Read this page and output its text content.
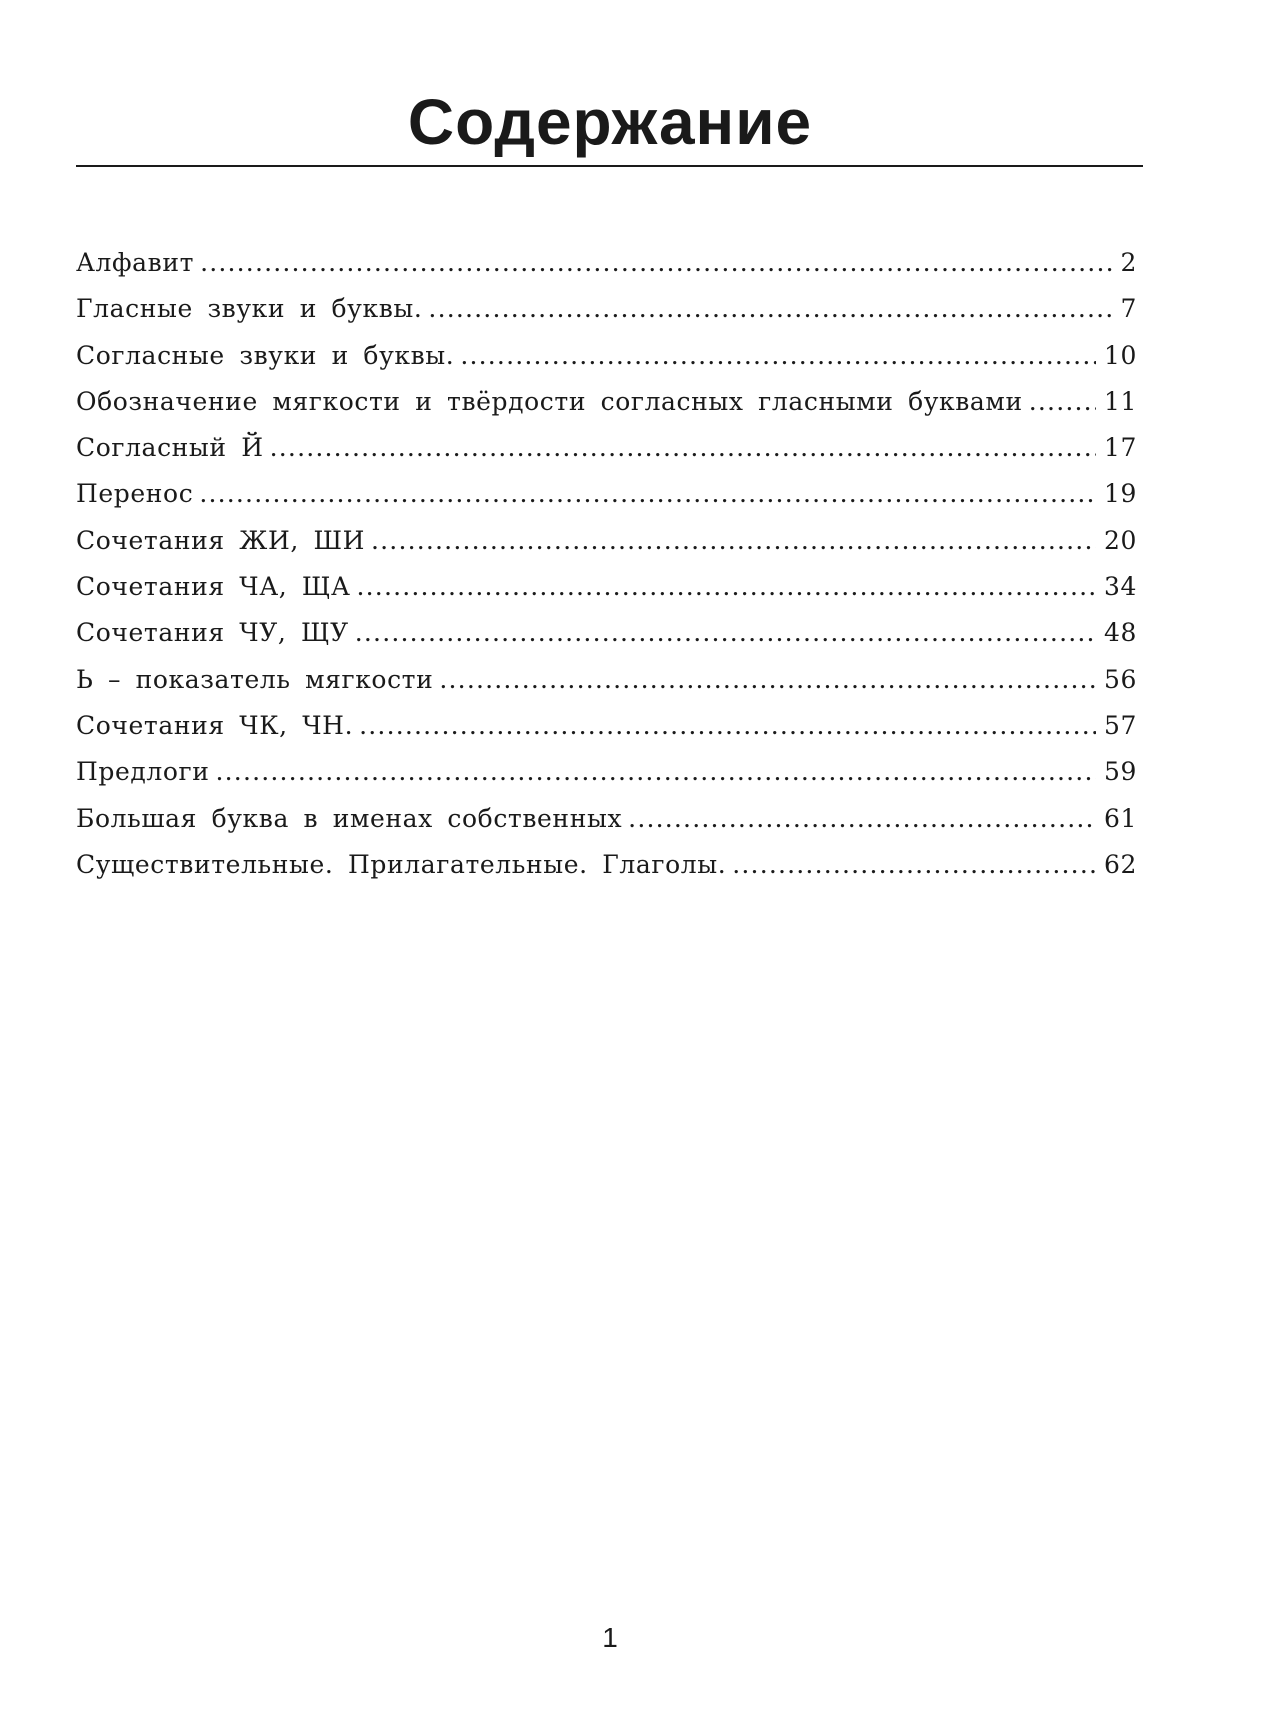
Содержание
Алфавит .....	2
Гласные звуки и буквы. .....	7
Согласные звуки и буквы. .....	10
Обозначение мягкости и твёрдости согласных гласными буквами .....	11
Согласный Й .....	17
Перенос .....	19
Сочетания ЖИ, ШИ .....	20
Сочетания ЧА, ЩА .....	34
Сочетания ЧУ, ЩУ .....	48
Ь – показатель мягкости .....	56
Сочетания ЧК, ЧН. .....	57
Предлоги .....	59
Большая буква в именах собственных .....	61
Существительные. Прилагательные. Глаголы. .....	62
1
